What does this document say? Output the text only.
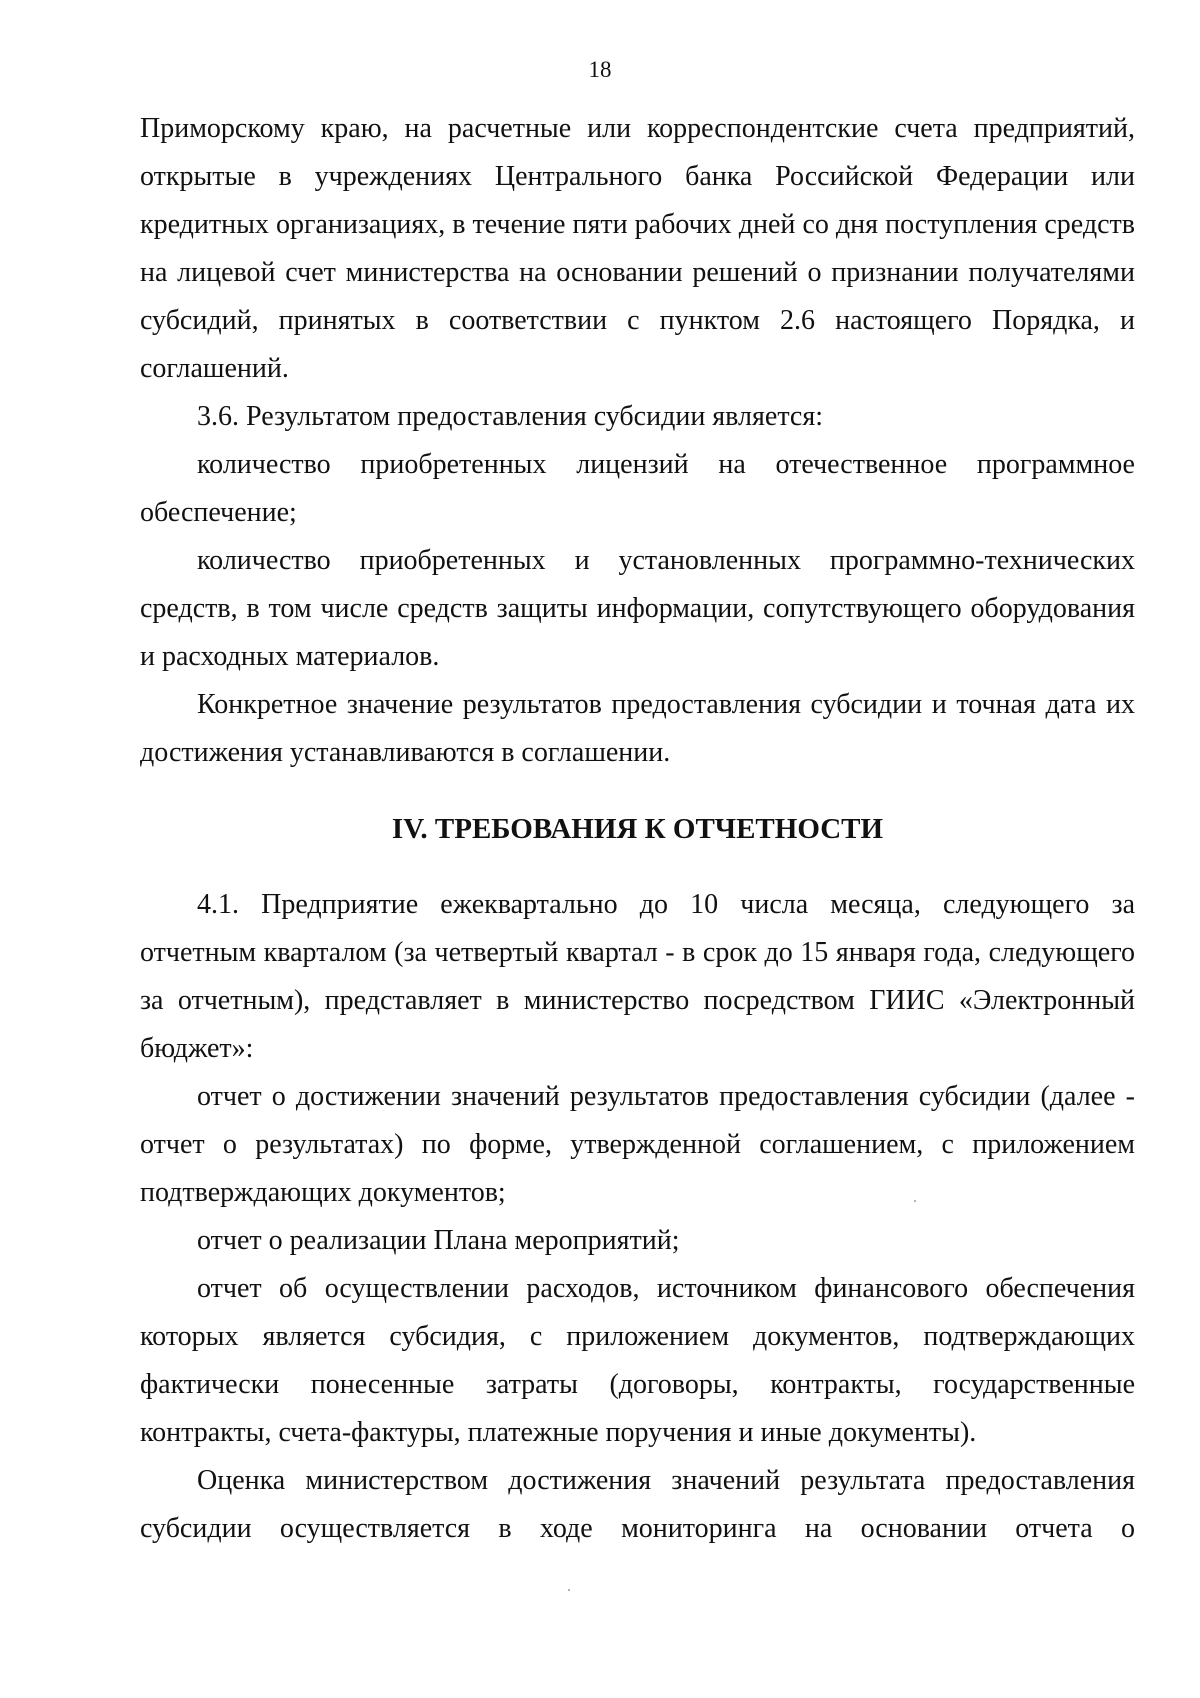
18

Приморскому краю, на расчетные или корреспондентские счета предприятий, открытые в учреждениях Центрального банка Российской Федерации или кредитных организациях, в течение пяти рабочих дней со дня поступления средств на лицевой счет министерства на основании решений о признании получателями субсидий, принятых в соответствии с пунктом 2.6 настоящего Порядка, и соглашений.

3.6. Результатом предоставления субсидии является:

количество приобретенных лицензий на отечественное программное обеспечение;

количество приобретенных и установленных программно-технических средств, в том числе средств защиты информации, сопутствующего оборудования и расходных материалов.

Конкретное значение результатов предоставления субсидии и точная дата их достижения устанавливаются в соглашении.

IV. ТРЕБОВАНИЯ К ОТЧЕТНОСТИ

4.1. Предприятие ежеквартально до 10 числа месяца, следующего за отчетным кварталом (за четвертый квартал - в срок до 15 января года, следующего за отчетным), представляет в министерство посредством ГИИС «Электронный бюджет»:

отчет о достижении значений результатов предоставления субсидии (далее - отчет о результатах) по форме, утвержденной соглашением, с приложением подтверждающих документов;

отчет о реализации Плана мероприятий;

отчет об осуществлении расходов, источником финансового обеспечения которых является субсидия, с приложением документов, подтверждающих фактически понесенные затраты (договоры, контракты, государственные контракты, счета-фактуры, платежные поручения и иные документы).

Оценка министерством достижения значений результата предоставления субсидии осуществляется в ходе мониторинга на основании отчета о
